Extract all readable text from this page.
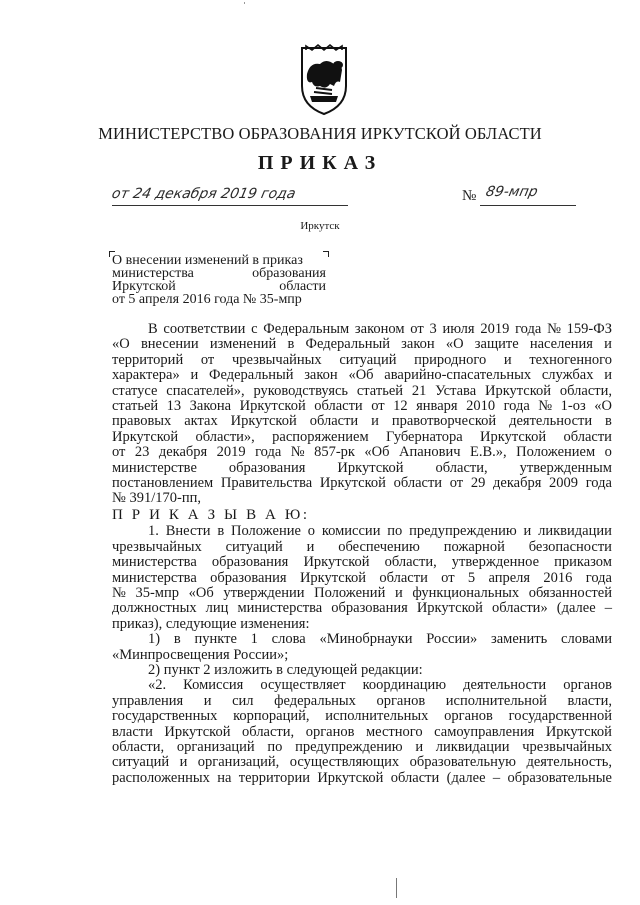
МИНИСТЕРСТВО ОБРАЗОВАНИЯ ИРКУТСКОЙ ОБЛАСТИ
ПРИКАЗ
от 24 декабря 2019 года	№ 89-мпр
Иркутск
О внесении изменений в приказ
министерства	образования
Иркутской	области
от 5 апреля 2016 года № 35-мпр
В соответствии с Федеральным законом от 3 июля 2019 года № 159-ФЗ
«О внесении изменений в Федеральный закон «О защите населения и
территорий от чрезвычайных ситуаций природного и техногенного
характера» и Федеральный закон «Об аварийно-спасательных службах и
статусе спасателей», руководствуясь статьей 21 Устава Иркутской области,
статьей 13 Закона Иркутской области от 12 января 2010 года № 1-оз «О
правовых актах Иркутской области и правотворческой деятельности в
Иркутской области», распоряжением Губернатора Иркутской области
от 23 декабря 2019 года № 857-рк «Об Апанович Е.В.», Положением о
министерстве образования Иркутской области, утвержденным
постановлением Правительства Иркутской области от 29 декабря 2009 года
№ 391/170-пп,
П Р И К А З Ы В А Ю:
1. Внести в Положение о комиссии по предупреждению и ликвидации
чрезвычайных ситуаций и обеспечению пожарной безопасности
министерства образования Иркутской области, утвержденное приказом
министерства образования Иркутской области от 5 апреля 2016 года
№ 35-мпр «Об утверждении Положений и функциональных обязанностей
должностных лиц министерства образования Иркутской области» (далее –
приказ), следующие изменения:
1) в пункте 1 слова «Минобрнауки России» заменить словами
«Минпросвещения России»;
2) пункт 2 изложить в следующей редакции:
«2. Комиссия осуществляет координацию деятельности органов
управления и сил федеральных органов исполнительной власти,
государственных корпораций, исполнительных органов государственной
власти Иркутской области, органов местного самоуправления Иркутской
области, организаций по предупреждению и ликвидации чрезвычайных
ситуаций и организаций, осуществляющих образовательную деятельность,
расположенных на территории Иркутской области (далее – образовательные
